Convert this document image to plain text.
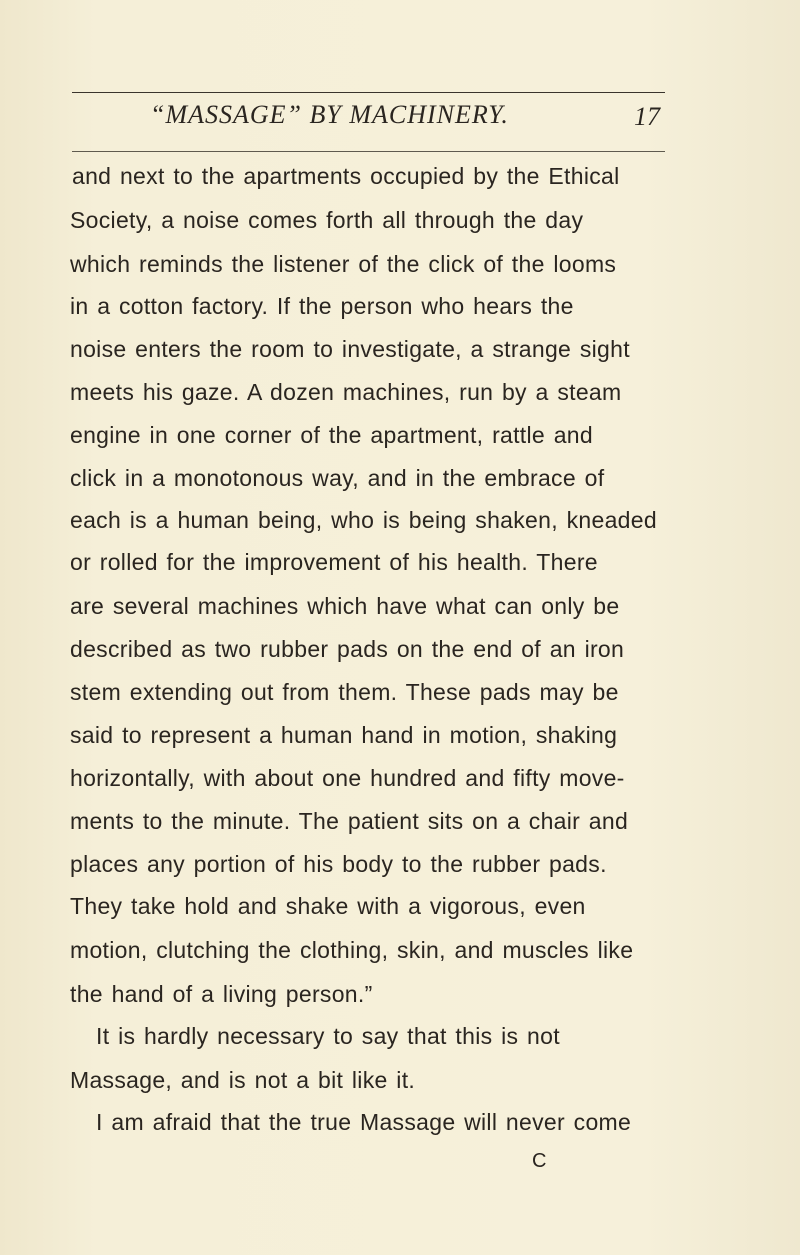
“MASSAGE” BY MACHINERY.	17
and next to the apartments occupied by the Ethical
Society, a noise comes forth all through the day
which reminds the listener of the click of the looms
in a cotton factory. If the person who hears the
noise enters the room to investigate, a strange sight
meets his gaze. A dozen machines, run by a steam
engine in one corner of the apartment, rattle and
click in a monotonous way, and in the embrace of
each is a human being, who is being shaken, kneaded
or rolled for the improvement of his health. There
are several machines which have what can only be
described as two rubber pads on the end of an iron
stem extending out from them. These pads may be
said to represent a human hand in motion, shaking
horizontally, with about one hundred and fifty move-
ments to the minute. The patient sits on a chair and
places any portion of his body to the rubber pads.
They take hold and shake with a vigorous, even
motion, clutching the clothing, skin, and muscles like
the hand of a living person.”
It is hardly necessary to say that this is not
Massage, and is not a bit like it.
I am afraid that the true Massage will never come
C
